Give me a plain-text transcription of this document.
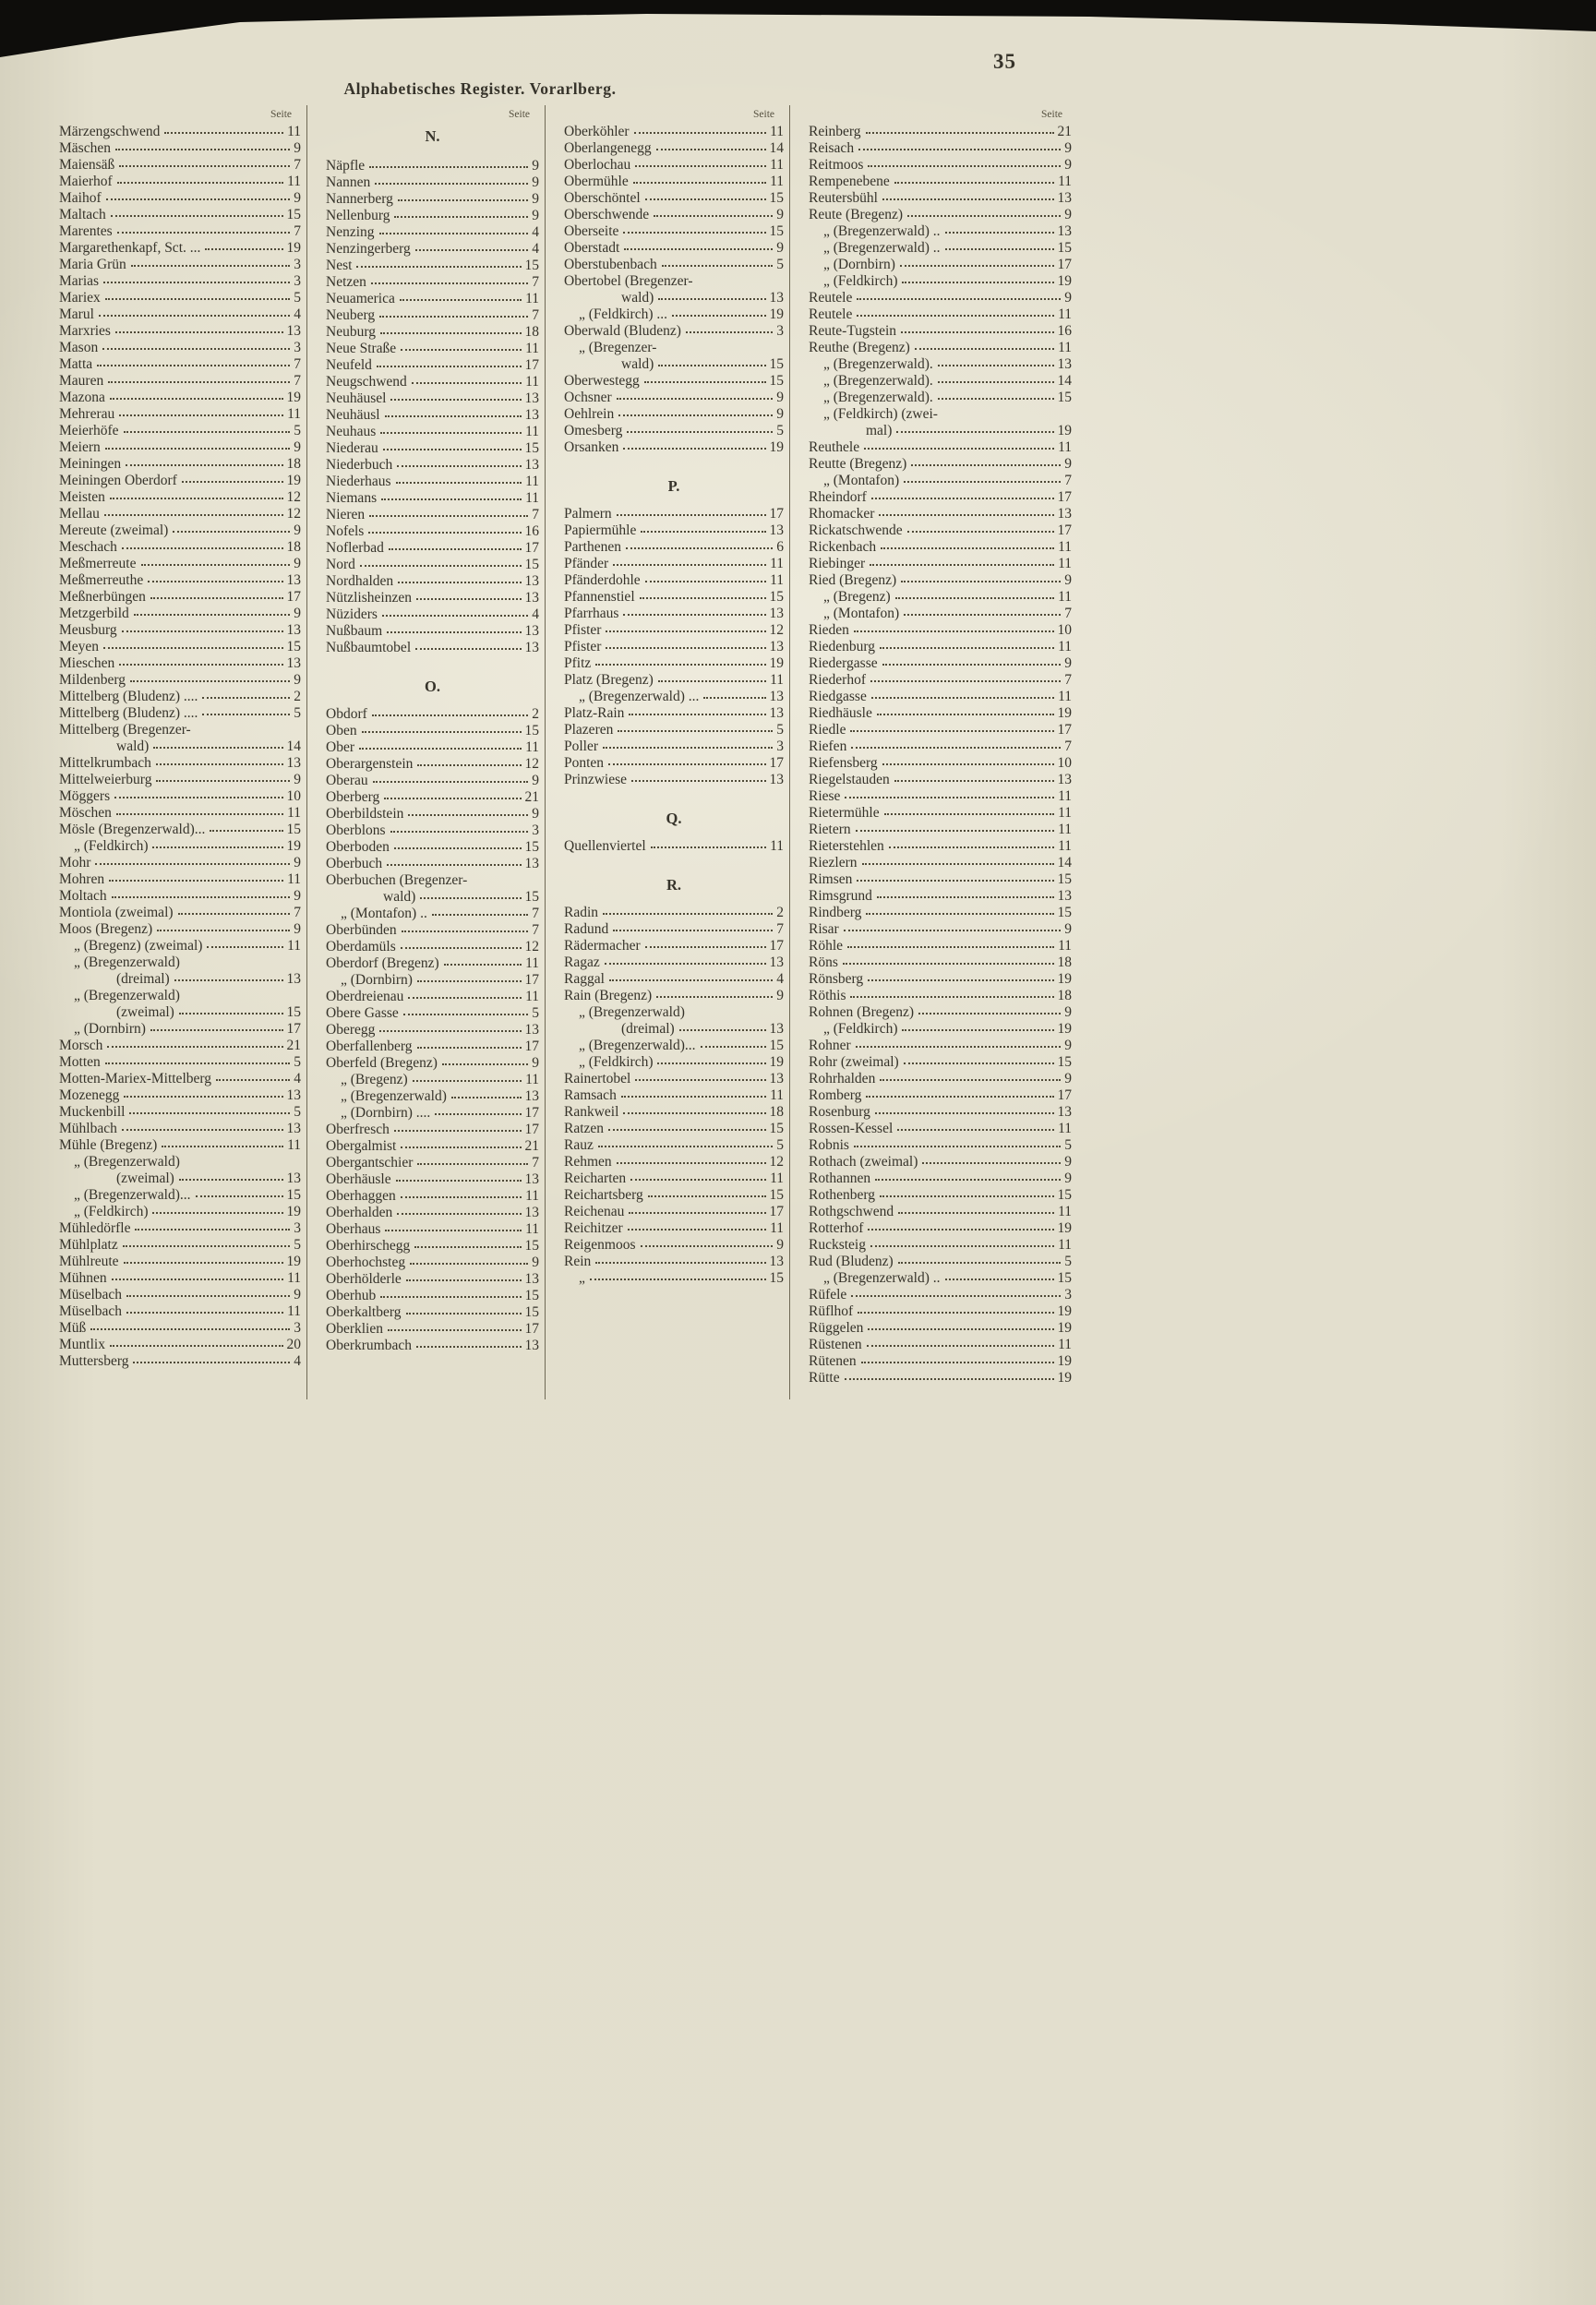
35
Alphabetisches Register. Vorarlberg.
Seite
Märzengschwend	11
Mäschen	9
Maiensäß	7
Maierhof	11
Maihof	9
Maltach	15
Marentes	7
Margarethenkapf, Sct. ...	19
Maria Grün	3
Marias	3
Mariex	5
Marul	4
Marxries	13
Mason	3
Matta	7
Mauren	7
Mazona	19
Mehrerau	11
Meierhöfe	5
Meiern	9
Meiningen	18
Meiningen Oberdorf	19
Meisten	12
Mellau	12
Mereute (zweimal)	9
Meschach	18
Meßmerreute	9
Meßmerreuthe	13
Meßnerbüngen	17
Metzgerbild	9
Meusburg	13
Meyen	15
Mieschen	13
Mildenberg	9
Mittelberg (Bludenz) ....	2
Mittelberg (Bludenz) ....	5
Mittelberg (Bregenzer-
wald)	14
Mittelkrumbach	13
Mittelweierburg	9
Möggers	10
Möschen	11
Mösle (Bregenzerwald)...	15
„ (Feldkirch)	19
Mohr	9
Mohren	11
Moltach	9
Montiola (zweimal)	7
Moos (Bregenz)	9
„ (Bregenz) (zweimal)	11
„ (Bregenzerwald)
(dreimal)	13
„ (Bregenzerwald)
(zweimal)	15
„ (Dornbirn)	17
Morsch	21
Motten	5
Motten-Mariex-Mittelberg	4
Mozenegg	13
Muckenbill	5
Mühlbach	13
Mühle (Bregenz)	11
„ (Bregenzerwald)
(zweimal)	13
„ (Bregenzerwald)...	15
„ (Feldkirch)	19
Mühledörfle	3
Mühlplatz	5
Mühlreute	19
Mühnen	11
Müselbach	9
Müselbach	11
Müß	3
Muntlix	20
Muttersberg	4
Seite
N.
Näpfle	9
Nannen	9
Nannerberg	9
Nellenburg	9
Nenzing	4
Nenzingerberg	4
Nest	15
Netzen	7
Neuamerica	11
Neuberg	7
Neuburg	18
Neue Straße	11
Neufeld	17
Neugschwend	11
Neuhäusel	13
Neuhäusl	13
Neuhaus	11
Niederau	15
Niederbuch	13
Niederhaus	11
Niemans	11
Nieren	7
Nofels	16
Noflerbad	17
Nord	15
Nordhalden	13
Nützlisheinzen	13
Nüziders	4
Nußbaum	13
Nußbaumtobel	13
O.
Obdorf	2
Oben	15
Ober	11
Oberargenstein	12
Oberau	9
Oberberg	21
Oberbildstein	9
Oberblons	3
Oberboden	15
Oberbuch	13
Oberbuchen (Bregenzer-
wald)	15
„ (Montafon) ..	7
Oberbünden	7
Oberdamüls	12
Oberdorf (Bregenz)	11
„ (Dornbirn)	17
Oberdreienau	11
Obere Gasse	5
Oberegg	13
Oberfallenberg	17
Oberfeld (Bregenz)	9
„ (Bregenz)	11
„ (Bregenzerwald)	13
„ (Dornbirn) ....	17
Oberfresch	17
Obergalmist	21
Obergantschier	7
Oberhäusle	13
Oberhaggen	11
Oberhalden	13
Oberhaus	11
Oberhirschegg	15
Oberhochsteg	9
Oberhölderle	13
Oberhub	15
Oberkaltberg	15
Oberklien	17
Oberkrumbach	13
Seite
Oberköhler	11
Oberlangenegg	14
Oberlochau	11
Obermühle	11
Oberschöntel	15
Oberschwende	9
Oberseite	15
Oberstadt	9
Oberstubenbach	5
Obertobel (Bregenzer-
wald)	13
„ (Feldkirch) ...	19
Oberwald (Bludenz)	3
„ (Bregenzer-
wald)	15
Oberwestegg	15
Ochsner	9
Oehlrein	9
Omesberg	5
Orsanken	19
P.
Palmern	17
Papiermühle	13
Parthenen	6
Pfänder	11
Pfänderdohle	11
Pfannenstiel	15
Pfarrhaus	13
Pfister	12
Pfister	13
Pfitz	19
Platz (Bregenz)	11
„ (Bregenzerwald) ...	13
Platz-Rain	13
Plazeren	5
Poller	3
Ponten	17
Prinzwiese	13
Q.
Quellenviertel	11
R.
Radin	2
Radund	7
Rädermacher	17
Ragaz	13
Raggal	4
Rain (Bregenz)	9
„ (Bregenzerwald)
(dreimal)	13
„ (Bregenzerwald)...	15
„ (Feldkirch)	19
Rainertobel	13
Ramsach	11
Rankweil	18
Ratzen	15
Rauz	5
Rehmen	12
Reicharten	11
Reichartsberg	15
Reichenau	17
Reichitzer	11
Reigenmoos	9
Rein	13
„	15
Seite
Reinberg	21
Reisach	9
Reitmoos	9
Rempenebene	11
Reutersbühl	13
Reute (Bregenz)	9
„ (Bregenzerwald) ..	13
„ (Bregenzerwald) ..	15
„ (Dornbirn)	17
„ (Feldkirch)	19
Reutele	9
Reutele	11
Reute-Tugstein	16
Reuthe (Bregenz)	11
„ (Bregenzerwald).	13
„ (Bregenzerwald).	14
„ (Bregenzerwald).	15
„ (Feldkirch) (zwei-
mal)	19
Reuthele	11
Reutte (Bregenz)	9
„ (Montafon)	7
Rheindorf	17
Rhomacker	13
Rickatschwende	17
Rickenbach	11
Riebinger	11
Ried (Bregenz)	9
„ (Bregenz)	11
„ (Montafon)	7
Rieden	10
Riedenburg	11
Riedergasse	9
Riederhof	7
Riedgasse	11
Riedhäusle	19
Riedle	17
Riefen	7
Riefensberg	10
Riegelstauden	13
Riese	11
Rietermühle	11
Rietern	11
Rieterstehlen	11
Riezlern	14
Rimsen	15
Rimsgrund	13
Rindberg	15
Risar	9
Röhle	11
Röns	18
Rönsberg	19
Röthis	18
Rohnen (Bregenz)	9
„ (Feldkirch)	19
Rohner	9
Rohr (zweimal)	15
Rohrhalden	9
Romberg	17
Rosenburg	13
Rossen-Kessel	11
Robnis	5
Rothach (zweimal)	9
Rothannen	9
Rothenberg	15
Rothgschwend	11
Rotterhof	19
Rucksteig	11
Rud (Bludenz)	5
„ (Bregenzerwald) ..	15
Rüfele	3
Rüflhof	19
Rüggelen	19
Rüstenen	11
Rütenen	19
Rütte	19
